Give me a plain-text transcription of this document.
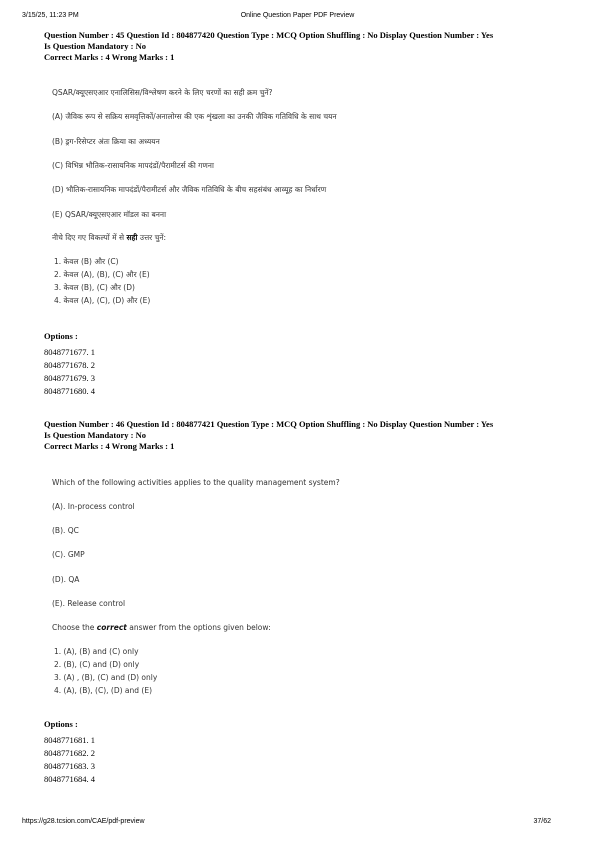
3/15/25, 11:23 PM	Online Question Paper PDF Preview
Question Number : 45 Question Id : 804877420 Question Type : MCQ Option Shuffling : No Display Question Number : Yes
Is Question Mandatory : No
Correct Marks : 4 Wrong Marks : 1
QSAR/क्यूएसएआर एनालिसिस/विश्लेषण करने के लिए चरणों का सही क्रम चुनें?
(A) जैविक रूप से सक्रिय समवृत्तिकों/अनालोग्स की एक शृंखला का उनकी जैविक गतिविधि के साथ चयन
(B) ड्रग-रिसेप्टर अंतः क्रिया का अध्ययन
(C) विभिन्न भौतिक-रासायनिक मापदंडों/पैरामीटर्स की गणना
(D) भौतिक-रासायनिक मापदंडों/पैरामीटर्स और जैविक गतिविधि के बीच सहसंबंध आव्यूह का निर्धारण
(E) QSAR/क्यूएसएआर मॉडल का बनना
नीचे दिए गए विकल्पों में से सही उत्तर चुनें:
1. केवल (B) और (C)
2. केवल (A), (B), (C) और (E)
3. केवल (B), (C) और (D)
4. केवल (A), (C), (D) और (E)
Options :
8048771677. 1
8048771678. 2
8048771679. 3
8048771680. 4
Question Number : 46 Question Id : 804877421 Question Type : MCQ Option Shuffling : No Display Question Number : Yes
Is Question Mandatory : No
Correct Marks : 4 Wrong Marks : 1
Which of the following activities applies to the quality management system?
(A). In-process control
(B). QC
(C). GMP
(D). QA
(E). Release control
Choose the correct answer from the options given below:
1. (A), (B) and (C) only
2. (B), (C) and (D) only
3. (A) , (B), (C) and (D) only
4. (A), (B), (C), (D) and (E)
Options :
8048771681. 1
8048771682. 2
8048771683. 3
8048771684. 4
https://g28.tcsion.com/CAE/pdf-preview	37/62
